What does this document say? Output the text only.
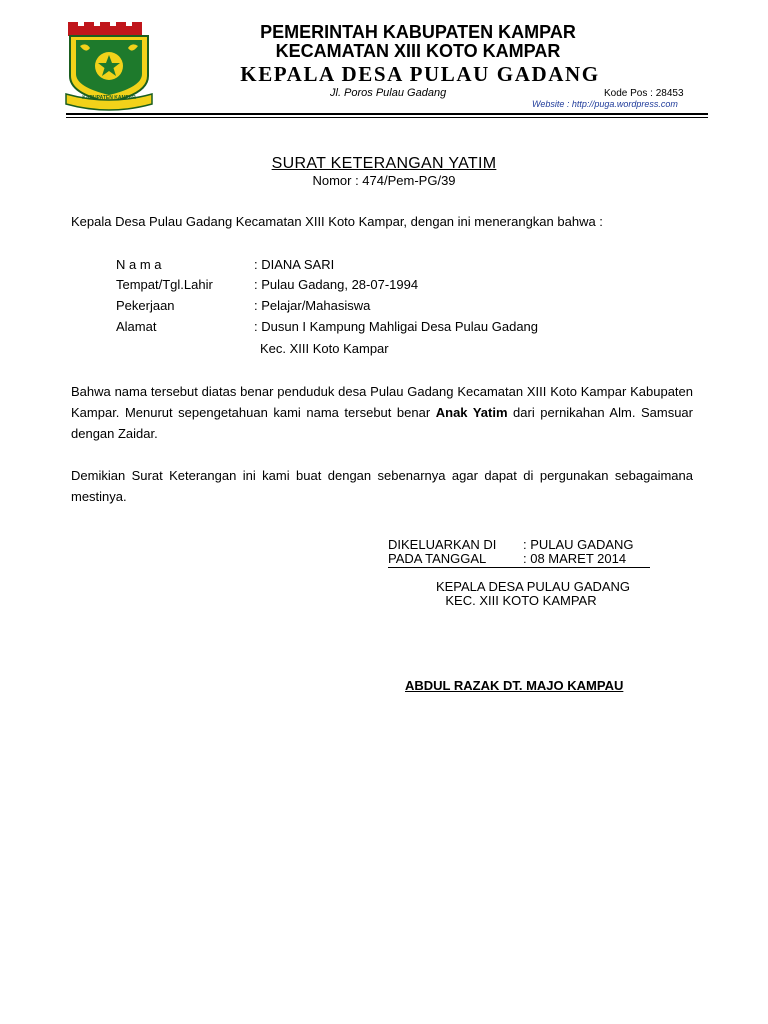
KABUPATEN KAMPAR
PEMERINTAH KABUPATEN KAMPAR
KECAMATAN XIII KOTO KAMPAR
KEPALA DESA PULAU GADANG
Jl. Poros Pulau Gadang	Kode Pos : 28453
Website : http://puga.wordpress.com
SURAT KETERANGAN YATIM
Nomor : 474/Pem-PG/39
Kepala Desa Pulau Gadang Kecamatan XIII Koto Kampar, dengan ini menerangkan bahwa :
N a m a	: DIANA SARI
Tempat/Tgl.Lahir	: Pulau Gadang, 28-07-1994
Pekerjaan	: Pelajar/Mahasiswa
Alamat	: Dusun I Kampung Mahligai Desa Pulau Gadang
Kec. XIII Koto Kampar
Bahwa nama tersebut diatas benar penduduk desa Pulau Gadang Kecamatan XIII Koto Kampar Kabupaten Kampar. Menurut sepengetahuan kami nama tersebut benar Anak Yatim dari pernikahan Alm. Samsuar dengan Zaidar.
Demikian Surat Keterangan ini kami buat dengan sebenarnya agar dapat di pergunakan sebagaimana mestinya.
DIKELUARKAN DI : PULAU GADANG
PADA TANGGAL	: 08 MARET 2014
KEPALA DESA PULAU GADANG
KEC. XIII KOTO KAMPAR
ABDUL RAZAK DT. MAJO KAMPAU
